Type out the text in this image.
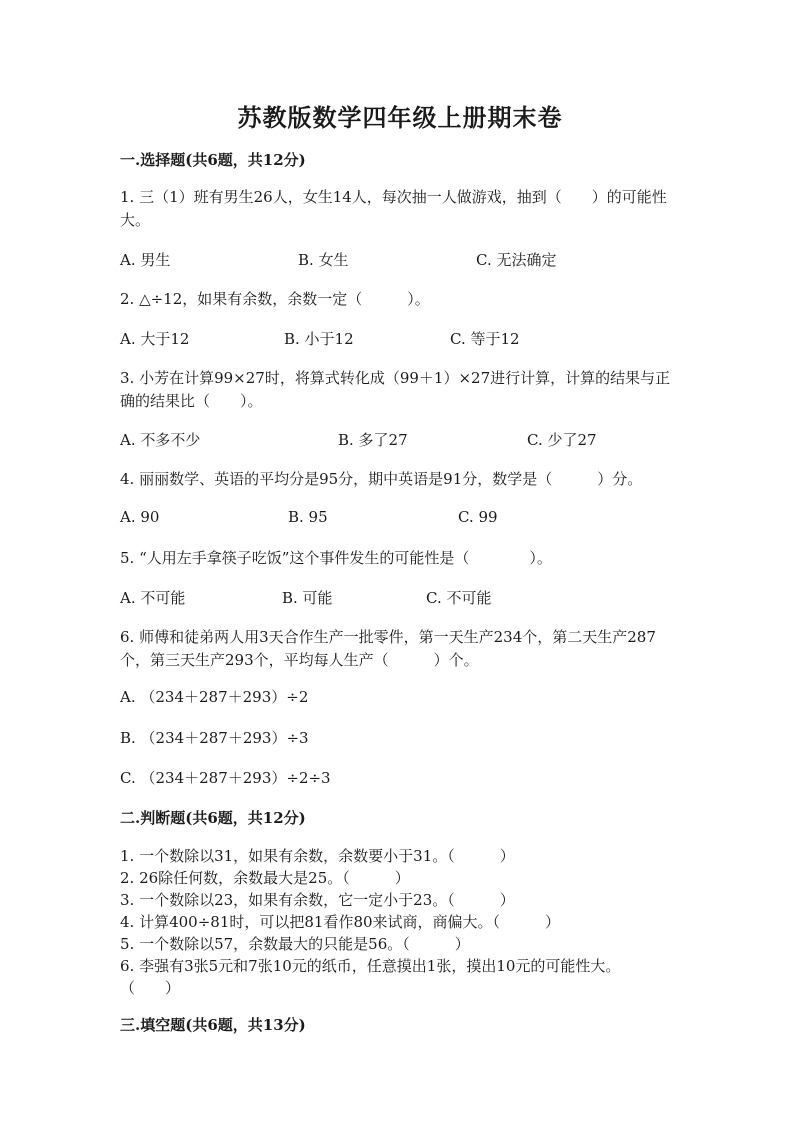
苏教版数学四年级上册期末卷
一.选择题(共6题，共12分)
1. 三（1）班有男生26人，女生14人，每次抽一人做游戏，抽到（　　）的可能性大。
A. 男生	B. 女生	C. 无法确定
2. △÷12，如果有余数，余数一定（　　　）。
A. 大于12	B. 小于12	C. 等于12
3. 小芳在计算99×27时，将算式转化成（99＋1）×27进行计算，计算的结果与正确的结果比（　　）。
A. 不多不少	B. 多了27	C. 少了27
4. 丽丽数学、英语的平均分是95分，期中英语是91分，数学是（　　　）分。
A. 90	B. 95	C. 99
5. “人用左手拿筷子吃饭”这个事件发生的可能性是（　　　　）。
A. 不可能	B. 可能	C. 不可能
6. 师傅和徒弟两人用3天合作生产一批零件，第一天生产234个，第二天生产287个，第三天生产293个，平均每人生产（　　　）个。
A. （234＋287＋293）÷2
B. （234＋287＋293）÷3
C. （234＋287＋293）÷2÷3
二.判断题(共6题，共12分)
1. 一个数除以31，如果有余数，余数要小于31。（　　　）
2. 26除任何数，余数最大是25。（　　　）
3. 一个数除以23，如果有余数，它一定小于23。（　　　）
4. 计算400÷81时，可以把81看作80来试商，商偏大。（　　　）
5. 一个数除以57，余数最大的只能是56。（　　　）
6. 李强有3张5元和7张10元的纸币，任意摸出1张，摸出10元的可能性大。　　（　　）
三.填空题(共6题，共13分)
